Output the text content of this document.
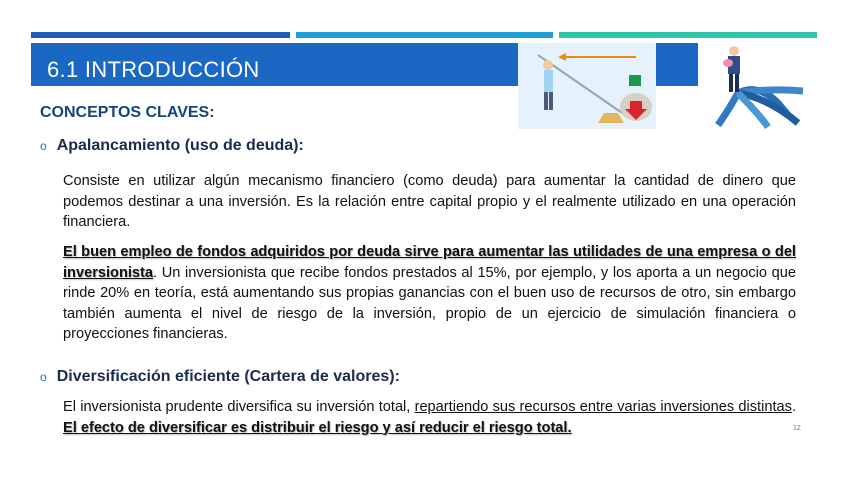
6.1 INTRODUCCIÓN
CONCEPTOS CLAVES:
o Apalancamiento (uso de deuda):
Consiste en utilizar algún mecanismo financiero (como deuda) para aumentar la cantidad de dinero que podemos destinar a una inversión. Es la relación entre capital propio y el realmente utilizado en una operación financiera.
El buen empleo de fondos adquiridos por deuda sirve para aumentar las utilidades de una empresa o del inversionista. Un inversionista que recibe fondos prestados al 15%, por ejemplo, y los aporta a un negocio que rinde 20% en teoría, está aumentando sus propias ganancias con el buen uso de recursos de otro, sin embargo también aumenta el nivel de riesgo de la inversión, propio de un ejercicio de simulación financiera o proyecciones financieras.
o Diversificación eficiente (Cartera de valores):
El inversionista prudente diversifica su inversión total, repartiendo sus recursos entre varias inversiones distintas. El efecto de diversificar es distribuir el riesgo y así reducir el riesgo total.	12
